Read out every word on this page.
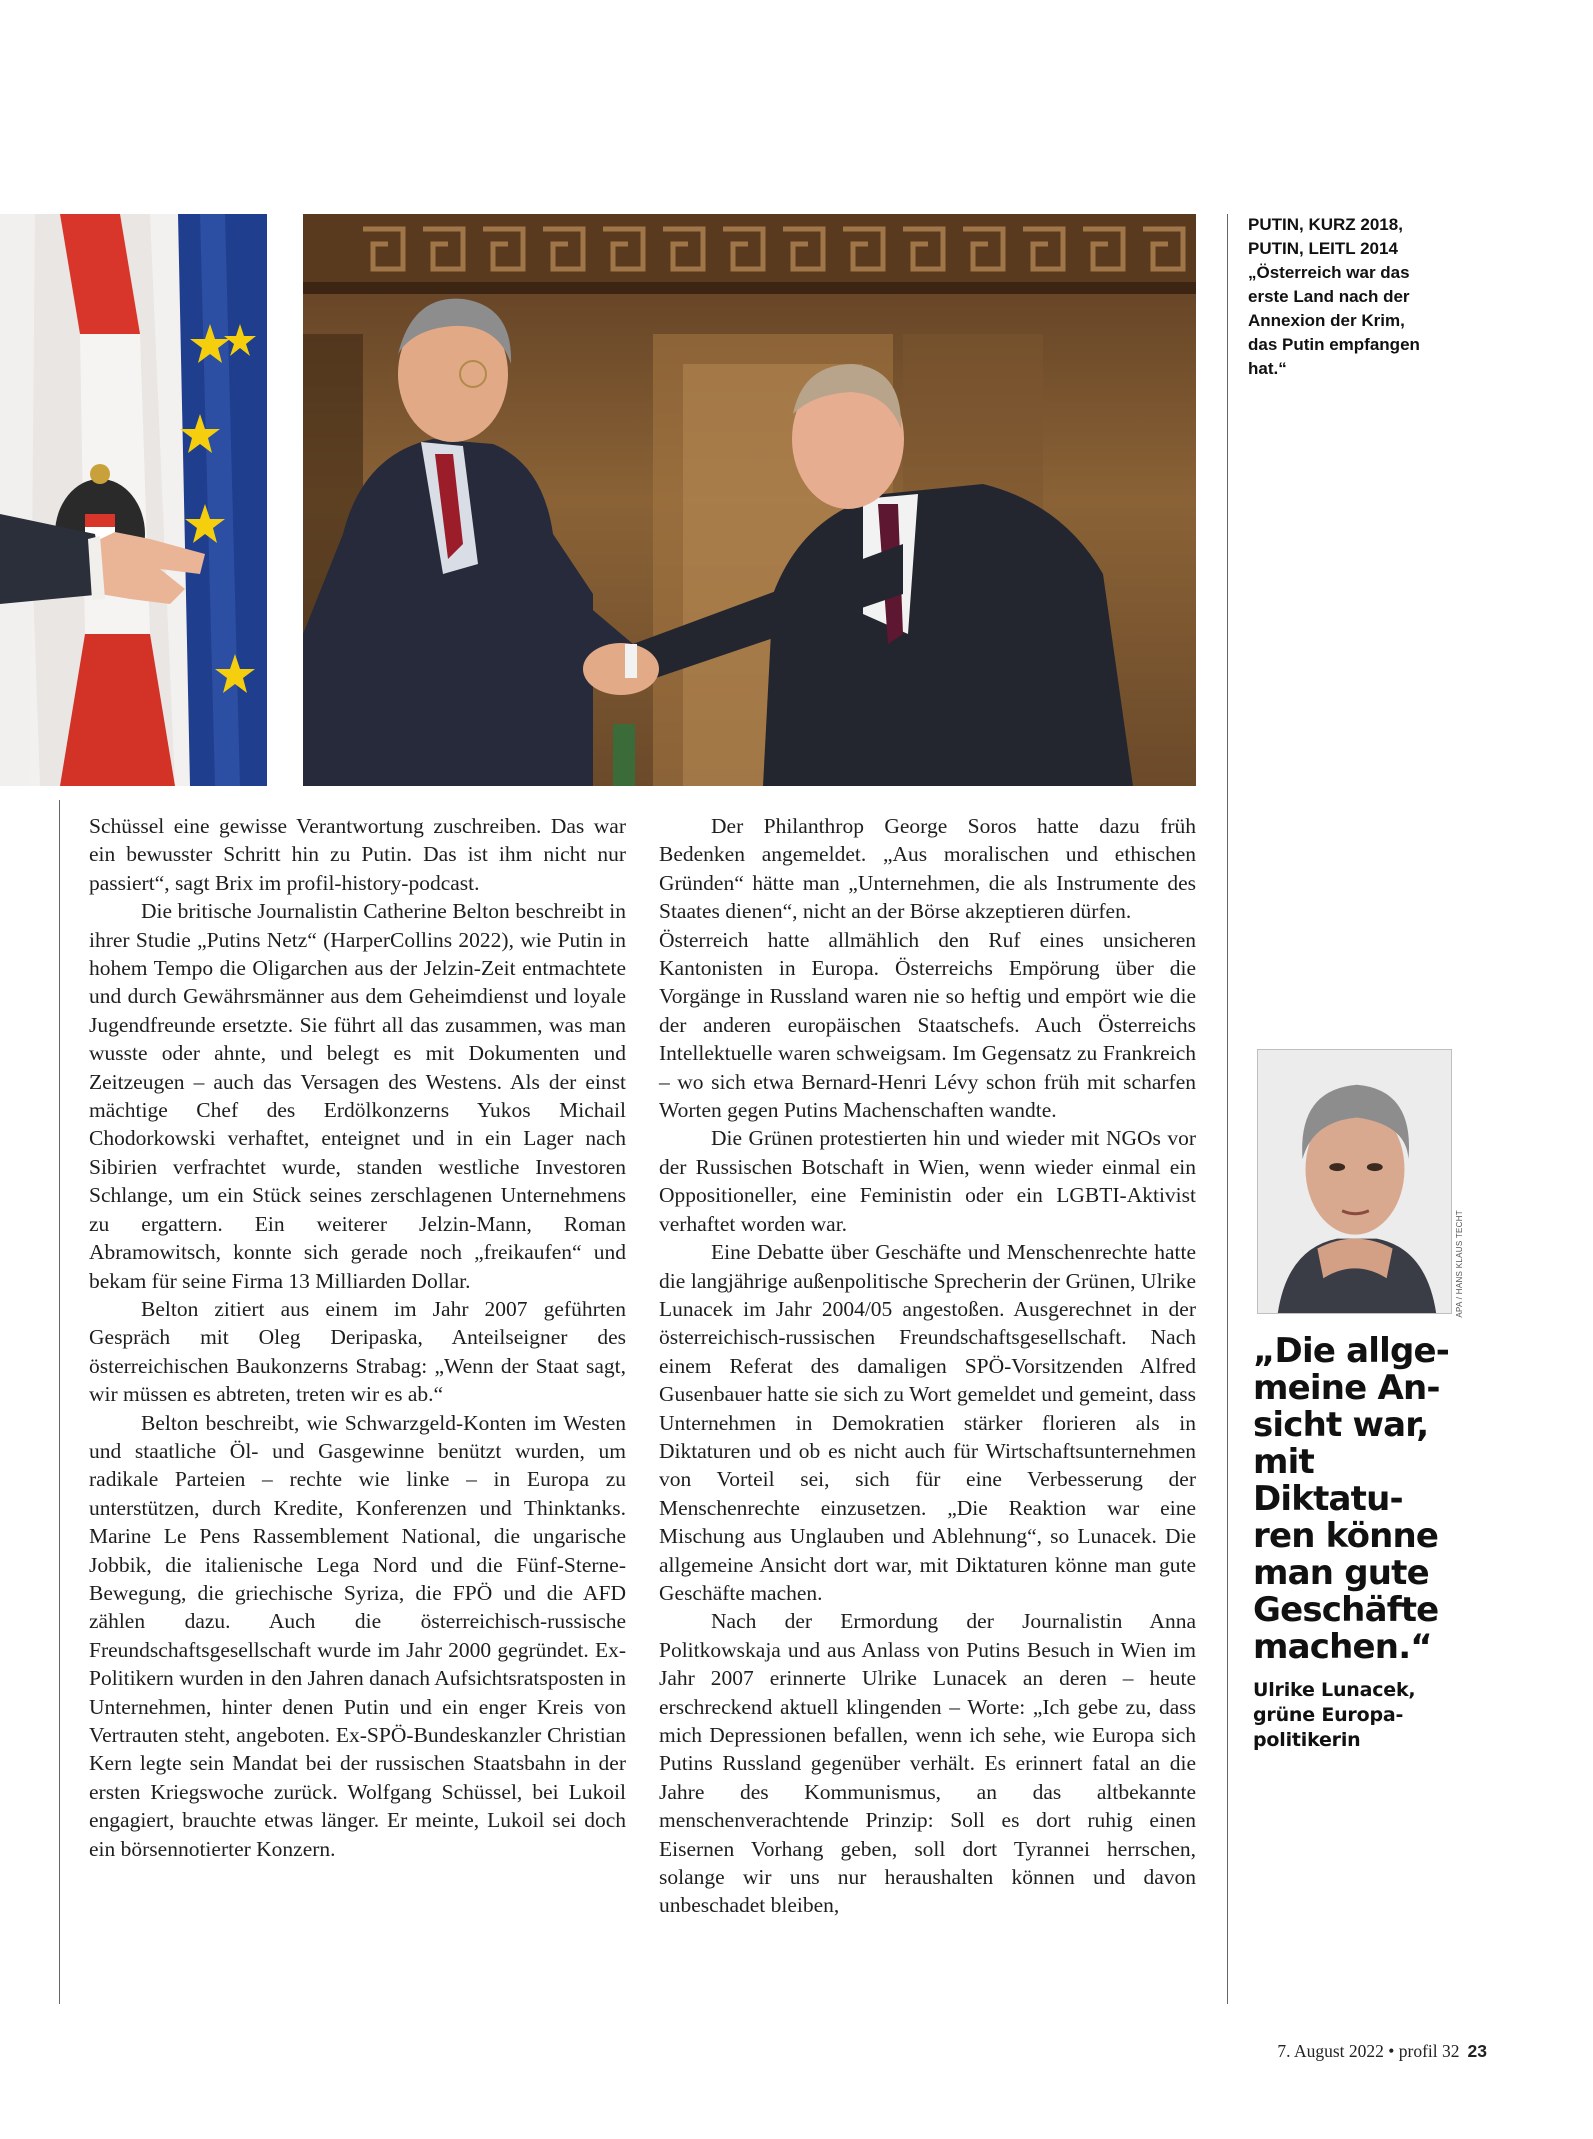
APA / HANS KLAUS TECHT
PUTIN, KURZ 2018,
PUTIN, LEITL 2014
„Österreich war das
erste Land nach der
Annexion der Krim,
das Putin empfangen
hat.“

Schüssel eine gewisse Verantwortung zuschreiben. Das war ein bewusster Schritt hin zu Putin. Das ist ihm nicht nur passiert“, sagt Brix im profil-history-podcast.

Die britische Journalistin Catherine Belton beschreibt in ihrer Studie „Putins Netz“ (HarperCollins 2022), wie Putin in hohem Tempo die Oligarchen aus der Jelzin-Zeit entmachtete und durch Gewährsmänner aus dem Geheimdienst und loyale Jugendfreunde ersetzte. Sie führt all das zusammen, was man wusste oder ahnte, und belegt es mit Dokumenten und Zeitzeugen – auch das Versagen des Westens. Als der einst mächtige Chef des Erdölkonzerns Yukos Michail Chodorkowski verhaftet, enteignet und in ein Lager nach Sibirien verfrachtet wurde, standen westliche Investoren Schlange, um ein Stück seines zerschlagenen Unternehmens zu ergattern. Ein weiterer Jelzin-Mann, Roman Abramowitsch, konnte sich gerade noch „freikaufen“ und bekam für seine Firma 13 Milliarden Dollar.

Belton zitiert aus einem im Jahr 2007 geführten Gespräch mit Oleg Deripaska, Anteilseigner des österreichischen Baukonzerns Strabag: „Wenn der Staat sagt, wir müssen es abtreten, treten wir es ab.“

Belton beschreibt, wie Schwarzgeld-Konten im Westen und staatliche Öl- und Gasgewinne benützt wurden, um radikale Parteien – rechte wie linke – in Europa zu unterstützen, durch Kredite, Konferenzen und Thinktanks. Marine Le Pens Rassemblement National, die ungarische Jobbik, die italienische Lega Nord und die Fünf-Sterne-Bewegung, die griechische Syriza, die FPÖ und die AFD zählen dazu. Auch die österreichisch-russische Freundschaftsgesellschaft wurde im Jahr 2000 gegründet. Ex-Politikern wurden in den Jahren danach Aufsichtsratsposten in Unternehmen, hinter denen Putin und ein enger Kreis von Vertrauten steht, angeboten. Ex-SPÖ-Bundeskanzler Christian Kern legte sein Mandat bei der russischen Staatsbahn in der ersten Kriegswoche zurück. Wolfgang Schüssel, bei Lukoil engagiert, brauchte etwas länger. Er meinte, Lukoil sei doch ein börsennotierter Konzern.

Der Philanthrop George Soros hatte dazu früh Bedenken angemeldet. „Aus moralischen und ethischen Gründen“ hätte man „Unternehmen, die als Instrumente des Staates dienen“, nicht an der Börse akzeptieren dürfen.

Österreich hatte allmählich den Ruf eines unsicheren Kantonisten in Europa. Österreichs Empörung über die Vorgänge in Russland waren nie so heftig und empört wie die der anderen europäischen Staatschefs. Auch Österreichs Intellektuelle waren schweigsam. Im Gegensatz zu Frankreich – wo sich etwa Bernard-Henri Lévy schon früh mit scharfen Worten gegen Putins Machenschaften wandte.

Die Grünen protestierten hin und wieder mit NGOs vor der Russischen Botschaft in Wien, wenn wieder einmal ein Oppositioneller, eine Feministin oder ein LGBTI-Aktivist verhaftet worden war.

Eine Debatte über Geschäfte und Menschenrechte hatte die langjährige außenpolitische Sprecherin der Grünen, Ulrike Lunacek im Jahr 2004/05 angestoßen. Ausgerechnet in der österreichisch-russischen Freundschaftsgesellschaft. Nach einem Referat des damaligen SPÖ-Vorsitzenden Alfred Gusenbauer hatte sie sich zu Wort gemeldet und gemeint, dass Unternehmen in Demokratien stärker florieren als in Diktaturen und ob es nicht auch für Wirtschaftsunternehmen von Vorteil sei, sich für eine Verbesserung der Menschenrechte einzusetzen. „Die Reaktion war eine Mischung aus Unglauben und Ablehnung“, so Lunacek. Die allgemeine Ansicht dort war, mit Diktaturen könne man gute Geschäfte machen.

Nach der Ermordung der Journalistin Anna Politkowskaja und aus Anlass von Putins Besuch in Wien im Jahr 2007 erinnerte Ulrike Lunacek an deren – heute erschreckend aktuell klingenden – Worte: „Ich gebe zu, dass mich Depressionen befallen, wenn ich sehe, wie Europa sich Putins Russland gegenüber verhält. Es erinnert fatal an die Jahre des Kommunismus, an das altbekannte menschenverachtende Prinzip: Soll es dort ruhig einen Eisernen Vorhang geben, soll dort Tyrannei herrschen, solange wir uns nur heraushalten können und davon unbeschadet bleiben,

„Die allge-
meine An-
sicht war,
mit Diktatu-
ren könne
man gute
Geschäfte
machen.“
Ulrike Lunacek,
grüne Europa-
politikerin
7. August 2022 • profil 32 23
